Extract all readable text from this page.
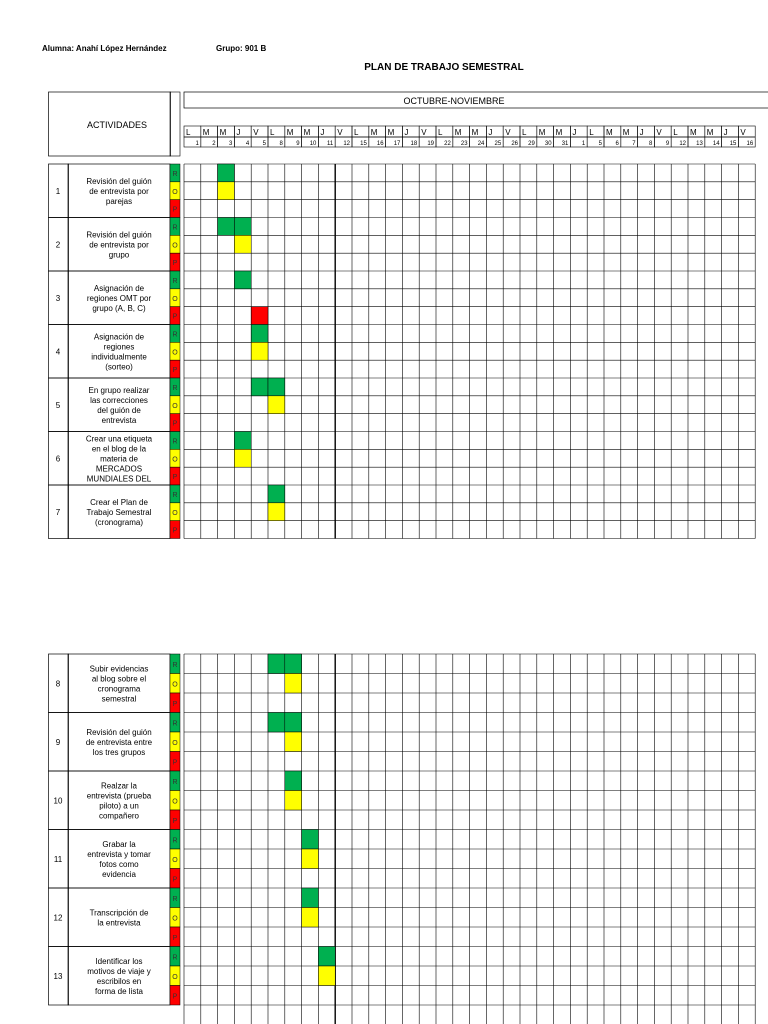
Alumna: Anahí López Hernández	Grupo: 901 B
PLAN DE TRABAJO SEMESTRAL
ACTIVIDADES
OCTUBRE-NOVIEMBRE
L
1
M
2
M
3
J
4
V
5
L
8
M
9
M
10
J
11
V
12
L
15
M
16
M
17
J
18
V
19
L
22
M
23
M
24
J
25
V
26
L
29
M
30
M
31
J
1
L
5
M
6
M
7
J
8
V
9
L
12
M
13
M
14
J
15
V
16
1
Revisión del guión
de entrevista por
parejas
R
O
P
2
Revisión del guión
de entrevista por
grupo
R
O
P
3
Asignación de
regiones OMT por
grupo (A, B, C)
R
O
P
4
Asignación de
regiones
individualmente
(sorteo)
R
O
P
5
En grupo realizar
las correcciones
del guión de
entrevista
R
O
P
6
Crear una etiqueta
en el blog de la
materia de
MERCADOS
MUNDIALES DEL
R
O
P
7
Crear el Plan de
Trabajo Semestral
(cronograma)
R
O
P
8
Subir evidencias
al blog sobre el
cronograma
semestral
R
O
P
9
Revisión del guión
de entrevista entre
los tres grupos
R
O
P
10
Realzar la
entrevista (prueba
piloto) a un
compañero
R
O
P
11
Grabar la
entrevista y tomar
fotos como
evidencia
R
O
P
12
Transcripción de
la entrevista
R
O
P
13
Identificar los
motivos de viaje y
escribilos en
forma de lista
R
O
P
